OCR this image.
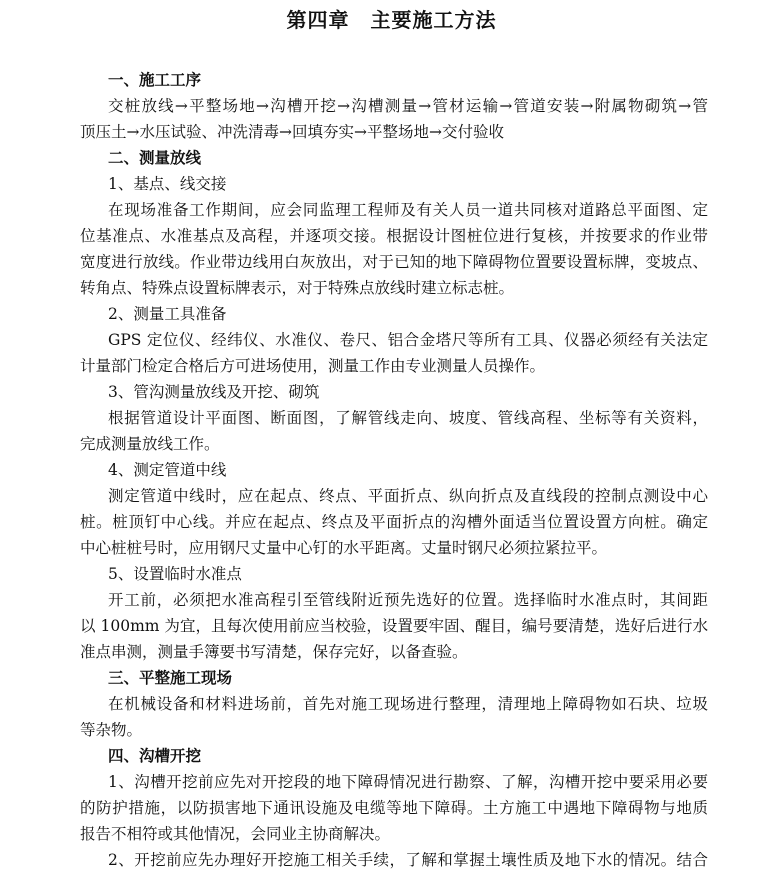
第四章　主要施工方法
一、施工工序
交桩放线→平整场地→沟槽开挖→沟槽测量→管材运输→管道安装→附属物砌筑→管
顶压土→水压试验、冲洗清毒→回填夯实→平整场地→交付验收
二、测量放线
1、基点、线交接
在现场准备工作期间，应会同监理工程师及有关人员一道共同核对道路总平面图、定
位基准点、水准基点及高程，并逐项交接。根据设计图桩位进行复核，并按要求的作业带
宽度进行放线。作业带边线用白灰放出，对于已知的地下障碍物位置要设置标牌，变坡点、
转角点、特殊点设置标牌表示，对于特殊点放线时建立标志桩。
2、测量工具准备
GPS 定位仪、经纬仪、水准仪、卷尺、铝合金塔尺等所有工具、仪器必须经有关法定
计量部门检定合格后方可进场使用，测量工作由专业测量人员操作。
3、管沟测量放线及开挖、砌筑
根据管道设计平面图、断面图，了解管线走向、坡度、管线高程、坐标等有关资料，
完成测量放线工作。
4、测定管道中线
测定管道中线时，应在起点、终点、平面折点、纵向折点及直线段的控制点测设中心
桩。桩顶钉中心线。并应在起点、终点及平面折点的沟槽外面适当位置设置方向桩。确定
中心桩桩号时，应用钢尺丈量中心钉的水平距离。丈量时钢尺必须拉紧拉平。
5、设置临时水准点
开工前，必须把水准高程引至管线附近预先选好的位置。选择临时水准点时，其间距
以 100mm 为宜，且每次使用前应当校验，设置要牢固、醒目，编号要清楚，选好后进行水
准点串测，测量手簿要书写清楚，保存完好，以备查验。
三、平整施工现场
在机械设备和材料进场前，首先对施工现场进行整理，清理地上障碍物如石块、垃圾
等杂物。
四、沟槽开挖
1、沟槽开挖前应先对开挖段的地下障碍情况进行勘察、了解，沟槽开挖中要采用必要
的防护措施，以防损害地下通讯设施及电缆等地下障碍。土方施工中遇地下障碍物与地质
报告不相符或其他情况，会同业主协商解决。
2、开挖前应先办理好开挖施工相关手续，了解和掌握土壤性质及地下水的情况。结合
